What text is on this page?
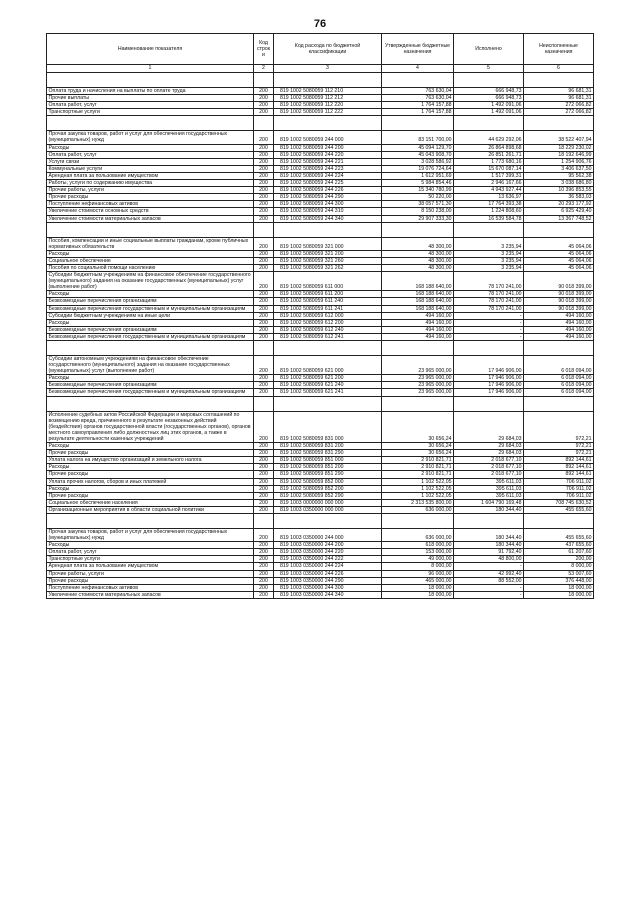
76
Наименование показателя	Код строк и	Код расхода по бюджетной классификации	Утвержденные бюджетные назначения	Исполнено	Неисполненные назначения
1	2	3	4	5	6

Оплата труда и начисления на выплаты по оплате труда	200	819 1002 5080059 112 210	763 630,04	666 948,73	96 681,31
Прочие выплаты	200	819 1002 5080059 112 212	763 630,04	666 948,73	96 681,31
Оплата работ, услуг	200	819 1002 5080059 112 220	1 764 157,88	1 492 091,06	272 066,82
Транспортные услуги	200	819 1002 5080059 112 222	1 764 157,88	1 492 091,06	272 066,82

Прочая закупка товаров, работ и услуг для обеспечения государственных (муниципальных) нужд	200	819 1002 5080059 244 000	83 151 700,00	44 629 292,06	38 522 407,94
Расходы	200	819 1002 5080059 244 200	45 094 129,70	26 864 898,68	18 229 230,02
Оплата работ, услуг	200	819 1002 5080059 244 220	45 043 908,70	26 851 261,71	18 192 646,99
Услуги связи	200	819 1002 5080059 244 221	3 028 586,92	1 773 680,16	1 254 906,76
Коммунальные услуги	200	819 1002 5080059 244 223	19 076 724,64	15 670 087,14	3 406 637,50
Арендная плата за пользование имуществом	200	819 1002 5080059 244 224	1 612 951,69	1 517 399,31	95 562,38
Работы, услуги по содержанию имущества	200	819 1002 5080059 244 225	5 984 854,46	2 946 167,66	3 038 686,80
Прочие работы, услуги	200	819 1002 5080059 244 226	15 340 780,99	4 943 927,44	10 396 853,55
Прочие расходы	200	819 1002 5080059 244 290	50 220,00	13 636,97	36 583,03
Поступление нефинансовых активов	200	819 1002 5080059 244 300	38 057 571,30	17 764 393,38	20 293 177,92
Увеличение стоимости основных средств	200	819 1002 5080059 244 310	8 150 238,00	1 224 808,60	6 925 429,40
Увеличение стоимости материальных запасов	200	819 1002 5080059 244 340	29 907 333,30	16 539 584,78	13 367 748,52

Пособия, компенсации и иные социальные выплаты гражданам, кроме публичных нормативных обязательств	200	819 1002 5080059 321 000	48 300,00	3 235,94	45 064,06
Расходы	200	819 1002 5080059 321 200	48 300,00	3 235,94	45 064,06
Социальное обеспечение	200	819 1002 5080059 321 260	48 300,00	3 235,94	45 064,06
Пособия по социальной помощи населению	200	819 1002 5080059 321 262	48 300,00	3 235,94	45 064,06
Субсидии бюджетным учреждениям на финансовое обеспечение государственного (муниципального) задания на оказание государственных (муниципальных) услуг (выполнение работ)	200	819 1002 5080059 611 000	168 188 640,00	78 170 241,00	90 018 399,00
Расходы	200	819 1002 5080059 611 200	168 188 640,00	78 170 241,00	90 018 399,00
Безвозмездные перечисления организациям	200	819 1002 5080059 611 240	168 188 640,00	78 170 241,00	90 018 399,00
Безвозмездные перечисления государственным и муниципальным организациям	200	819 1002 5080059 611 241	168 188 640,00	78 170 241,00	90 018 399,00
Субсидии бюджетным учреждениям на иные цели	200	819 1002 5080059 612 000	494 160,00	-	494 160,00
Расходы	200	819 1002 5080059 612 200	494 160,00	-	494 160,00
Безвозмездные перечисления организациям	200	819 1002 5080059 612 240	494 160,00	-	494 160,00
Безвозмездные перечисления государственным и муниципальным организациям	200	819 1002 5080059 612 241	494 160,00	-	494 160,00

Субсидии автономным учреждениям на финансовое обеспечение государственного (муниципального) задания на оказание государственных (муниципальных) услуг (выполнение работ)	200	819 1002 5080059 621 000	23 965 000,00	17 946 906,00	6 018 094,00
Расходы	200	819 1002 5080059 621 200	23 965 000,00	17 946 906,00	6 018 094,00
Безвозмездные перечисления организациям	200	819 1002 5080059 621 240	23 965 000,00	17 946 906,00	6 018 094,00
Безвозмездные перечисления государственным и муниципальным организациям	200	819 1002 5080059 621 241	23 965 000,00	17 946 906,00	6 018 094,00

Исполнение судебных актов Российской Федерации и мировых соглашений по возмещению вреда, причиненного в результате незаконных действий (бездействия) органов государственной власти (государственных органов), органов местного самоуправления либо должностных лиц этих органов, а также в результате деятельности казенных учреждений	200	819 1002 5080059 831 000	30 656,24	29 684,03	972,21
Расходы	200	819 1002 5080059 831 200	30 656,24	29 684,03	972,21
Прочие расходы	200	819 1002 5080059 831 290	30 656,24	29 684,03	972,21
Уплата налога на имущество организаций и земельного налога	200	819 1002 5080059 851 000	2 910 821,71	2 018 677,10	892 144,61
Расходы	200	819 1002 5080059 851 200	2 910 821,71	2 018 677,10	892 144,61
Прочие расходы	200	819 1002 5080059 851 290	2 910 821,71	2 018 677,10	892 144,61
Уплата прочих налогов, сборов и иных платежей	200	819 1002 5080059 852 000	1 102 522,05	395 611,03	706 911,02
Расходы	200	819 1002 5080059 852 200	1 102 522,05	395 611,03	706 911,02
Прочие расходы	200	819 1002 5080059 852 290	1 102 522,05	395 611,03	706 911,02
Социальное обеспечение населения	200	819 1003 0000000 000 000	2 313 535 800,00	1 604 790 169,48	708 745 630,52
Организационные мероприятия в области социальной политики	200	819 1003 0350000 000 000	636 000,00	180 344,40	455 655,60

Прочая закупка товаров, работ и услуг для обеспечения государственных (муниципальных) нужд	200	819 1003 0350000 244 000	636 000,00	180 344,40	455 655,60
Расходы	200	819 1003 0350000 244 200	618 000,00	180 344,40	437 655,60
Оплата работ, услуг	200	819 1003 0350000 244 220	153 000,00	91 792,40	61 207,60
Транспортные услуги	200	819 1003 0350000 244 222	49 000,00	48 800,00	200,00
Арендная плата за пользование имуществом	200	819 1003 0350000 244 224	8 000,00	-	8 000,00
Прочие работы, услуги	200	819 1003 0350000 244 226	96 000,00	42 992,40	53 007,60
Прочие расходы	200	819 1003 0350000 244 290	465 000,00	88 552,00	376 448,00
Поступление нефинансовых активов	200	819 1003 0350000 244 300	18 000,00	-	18 000,00
Увеличение стоимости материальных запасов	200	819 1003 0350000 244 340	18 000,00	-	18 000,00
